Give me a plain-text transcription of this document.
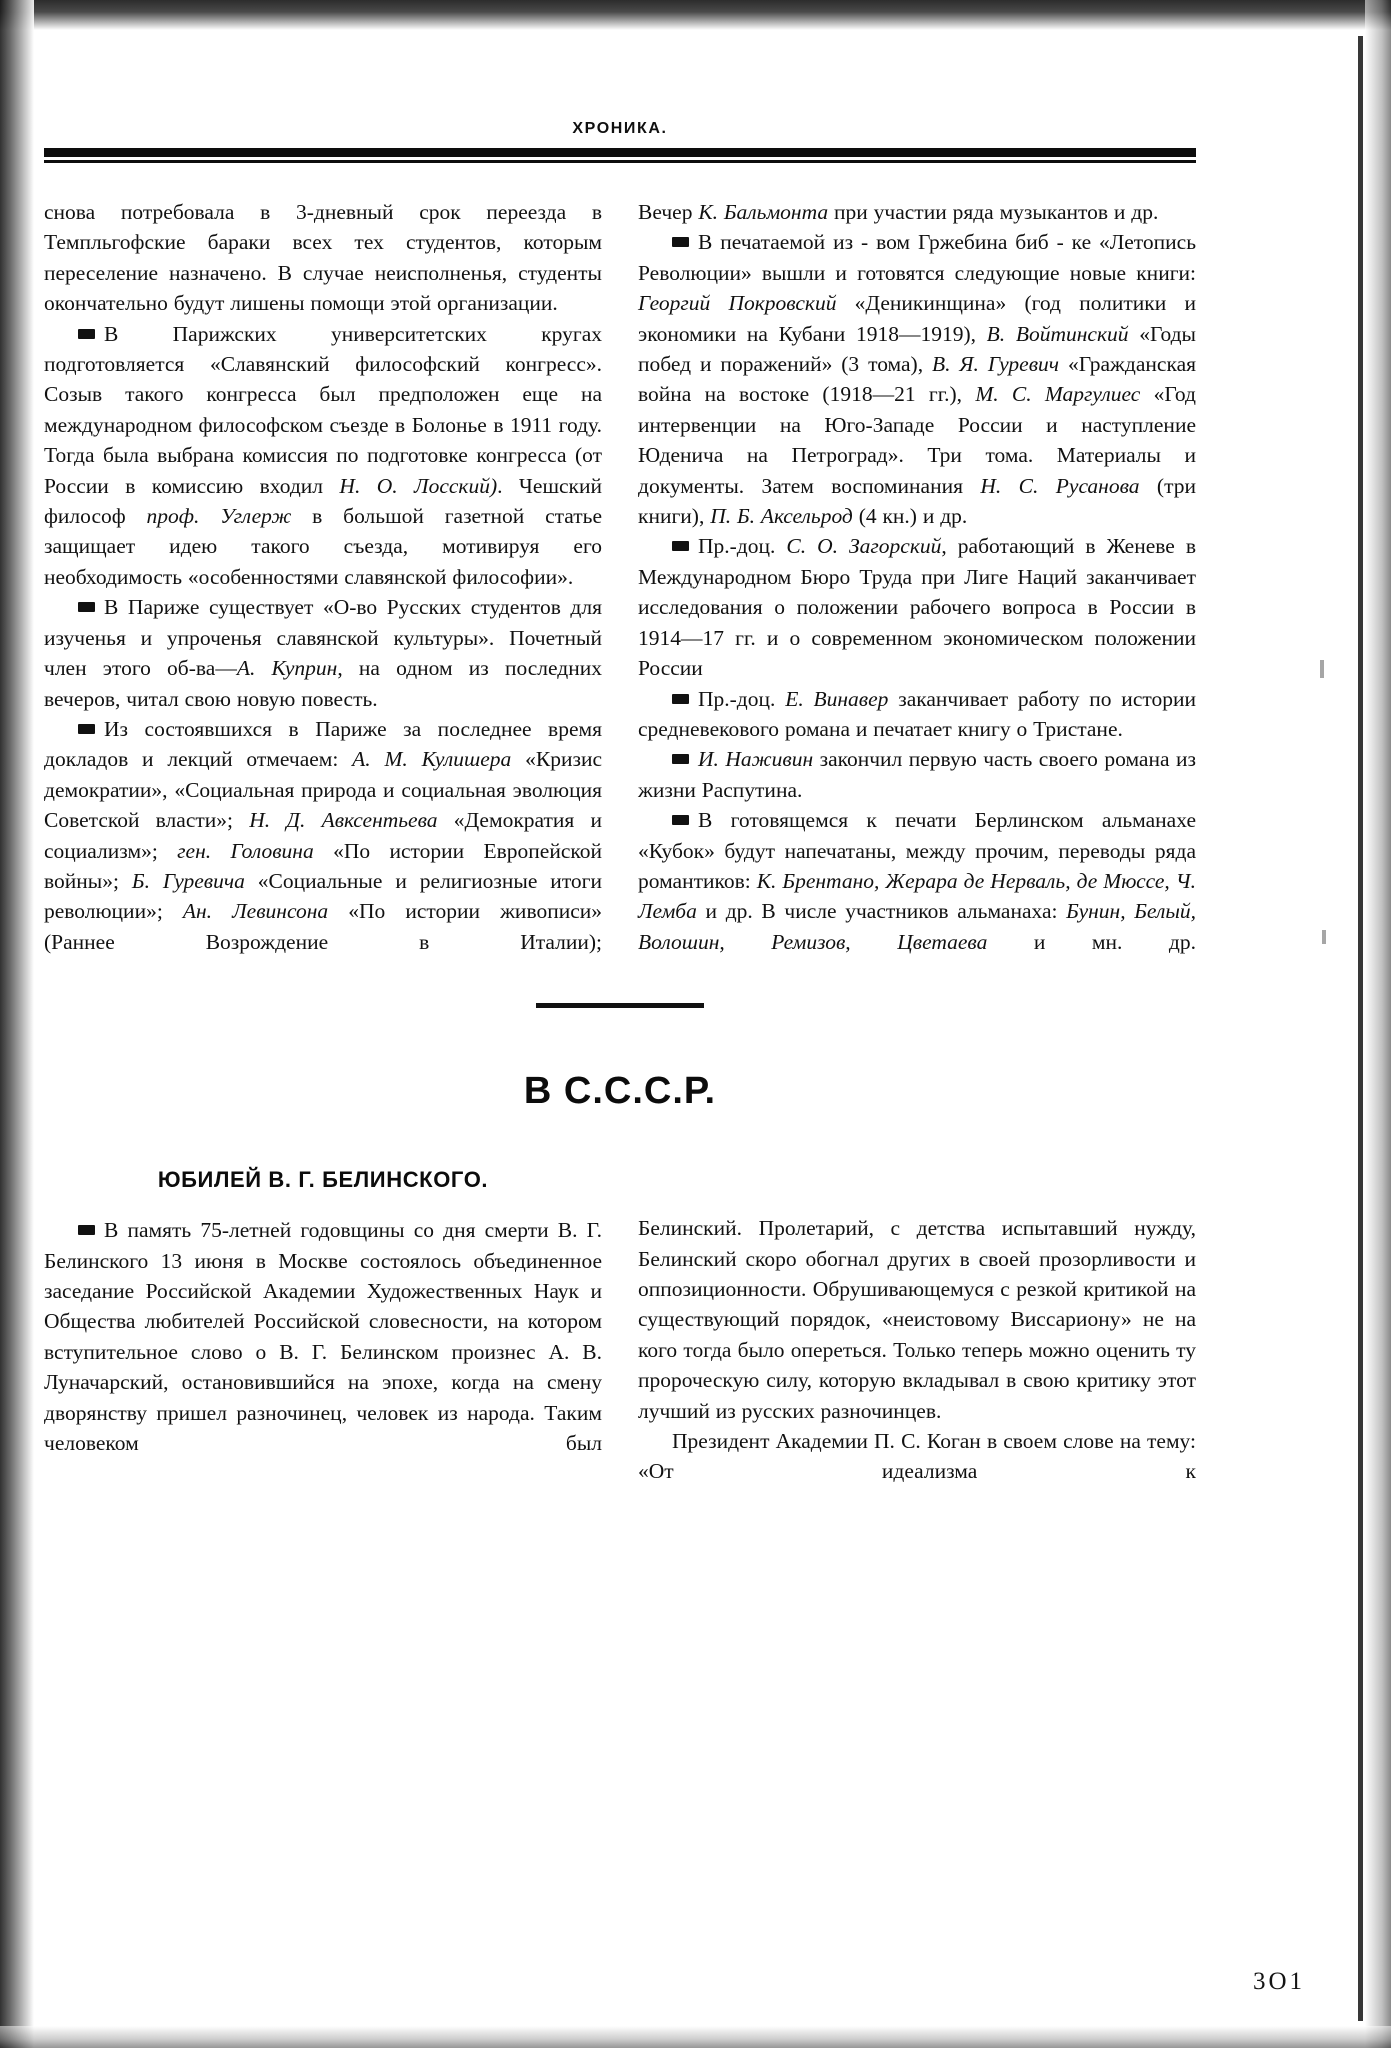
ХРОНИКА.

снова потребовала в 3-дневный срок переезда в Темпльгофские бараки всех тех студентов, которым переселение назначено. В случае неисполненья, студенты окончательно будут лишены помощи этой организации.

В Парижских университетских кругах подготовляется «Славянский философский конгресс». Созыв такого конгресса был предположен еще на международном философском съезде в Болонье в 1911 году. Тогда была выбрана комиссия по подготовке конгресса (от России в комиссию входил Н. О. Лосский). Чешский философ проф. Углерж в большой газетной статье защищает идею такого съезда, мотивируя его необходимость «особенностями славянской философии».

В Париже существует «О-во Русских студентов для изученья и упроченья славянской культуры». Почетный член этого об-ва—А. Куприн, на одном из последних вечеров, читал свою новую повесть.

Из состоявшихся в Париже за последнее время докладов и лекций отмечаем: А. М. Кулишера «Кризис демократии», «Социальная природа и социальная эволюция Советской власти»; Н. Д. Авксентьева «Демократия и социализм»; ген. Головина «По истории Европейской войны»; Б. Гуревича «Социальные и религиозные итоги революции»; Ан. Левинсона «По истории живописи» (Раннее Возрождение в Италии);

Вечер К. Бальмонта при участии ряда музыкантов и др.

В печатаемой из - вом Гржебина биб - ке «Летопись Революции» вышли и готовятся следующие новые книги: Георгий Покровский «Деникинщина» (год политики и экономики на Кубани 1918—1919), В. Войтинский «Годы побед и поражений» (3 тома), В. Я. Гуревич «Гражданская война на востоке (1918—21 гг.), М. С. Маргулиес «Год интервенции на Юго-Западе России и наступление Юденича на Петроград». Три тома. Материалы и документы. Затем воспоминания Н. С. Русанова (три книги), П. Б. Аксельрод (4 кн.) и др.

Пр.-доц. С. О. Загорский, работающий в Женеве в Международном Бюро Труда при Лиге Наций заканчивает исследования о положении рабочего вопроса в России в 1914—17 гг. и о современном экономическом положении России

Пр.-доц. Е. Винавер заканчивает работу по истории средневекового романа и печатает книгу о Тристане.

И. Наживин закончил первую часть своего романа из жизни Распутина.

В готовящемся к печати Берлинском альманахе «Кубок» будут напечатаны, между прочим, переводы ряда романтиков: К. Брентано, Жерара де Нерваль, де Мюссе, Ч. Лемба и др. В числе участников альманаха: Бунин, Белый, Волошин, Ремизов, Цветаева и мн. др.

В С.С.С.Р.
ЮБИЛЕЙ В. Г. БЕЛИНСКОГО.

В память 75-летней годовщины со дня смерти В. Г. Белинского 13 июня в Москве состоялось объединенное заседание Российской Академии Художественных Наук и Общества любителей Российской словесности, на котором вступительное слово о В. Г. Белинском произнес А. В. Луначарский, остановившийся на эпохе, когда на смену дворянству пришел разночинец, человек из народа. Таким человеком был

Белинский. Пролетарий, с детства испытавший нужду, Белинский скоро обогнал других в своей прозорливости и оппозиционности. Обрушивающемуся с резкой критикой на существующий порядок, «неистовому Виссариону» не на кого тогда было опереться. Только теперь можно оценить ту пророческую силу, которую вкладывал в свою критику этот лучший из русских разночинцев.

Президент Академии П. С. Коган в своем слове на тему: «От идеализма к

3О1
